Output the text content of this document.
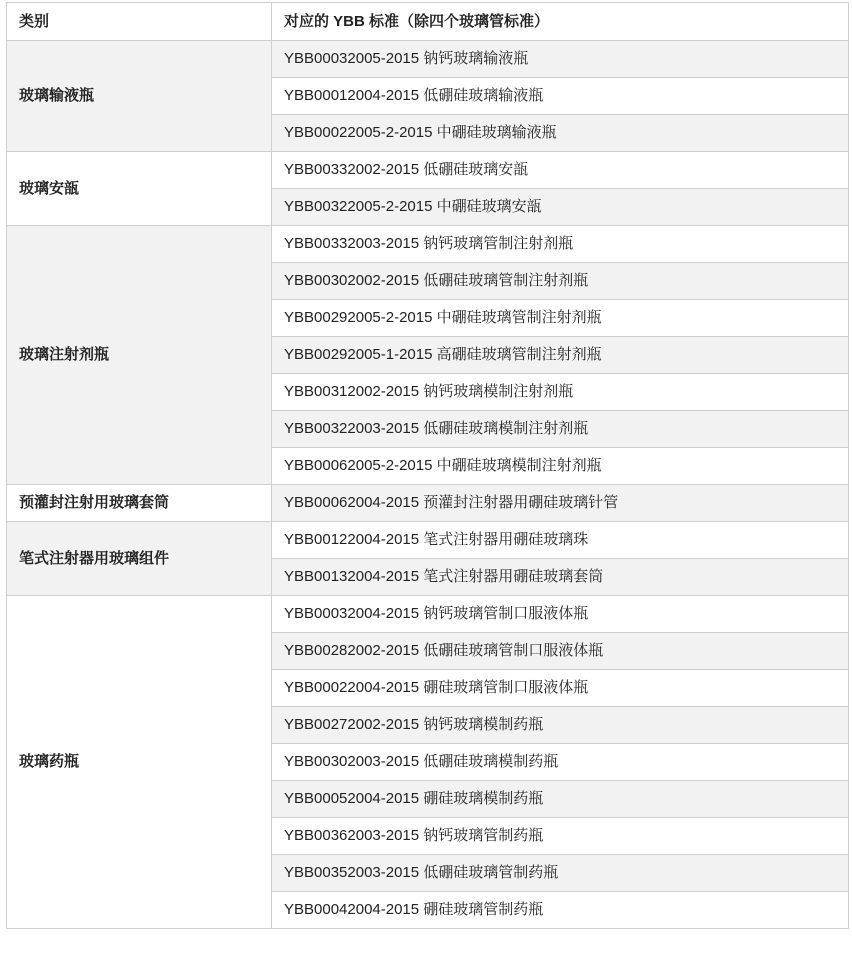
类别	对应的 YBB 标准（除四个玻璃管标准）
玻璃输液瓶	YBB00032005-2015 钠钙玻璃输液瓶
	YBB00012004-2015 低硼硅玻璃输液瓶
	YBB00022005-2-2015 中硼硅玻璃输液瓶
玻璃安瓿	YBB00332002-2015 低硼硅玻璃安瓿
	YBB00322005-2-2015 中硼硅玻璃安瓿
玻璃注射剂瓶	YBB00332003-2015 钠钙玻璃管制注射剂瓶
	YBB00302002-2015 低硼硅玻璃管制注射剂瓶
	YBB00292005-2-2015 中硼硅玻璃管制注射剂瓶
	YBB00292005-1-2015 高硼硅玻璃管制注射剂瓶
	YBB00312002-2015 钠钙玻璃模制注射剂瓶
	YBB00322003-2015 低硼硅玻璃模制注射剂瓶
	YBB00062005-2-2015 中硼硅玻璃模制注射剂瓶
预灌封注射用玻璃套筒	YBB00062004-2015 预灌封注射器用硼硅玻璃针管
笔式注射器用玻璃组件	YBB00122004-2015 笔式注射器用硼硅玻璃珠
	YBB00132004-2015 笔式注射器用硼硅玻璃套筒
玻璃药瓶	YBB00032004-2015 钠钙玻璃管制口服液体瓶
	YBB00282002-2015 低硼硅玻璃管制口服液体瓶
	YBB00022004-2015 硼硅玻璃管制口服液体瓶
	YBB00272002-2015 钠钙玻璃模制药瓶
	YBB00302003-2015 低硼硅玻璃模制药瓶
	YBB00052004-2015 硼硅玻璃模制药瓶
	YBB00362003-2015 钠钙玻璃管制药瓶
	YBB00352003-2015 低硼硅玻璃管制药瓶
	YBB00042004-2015 硼硅玻璃管制药瓶
